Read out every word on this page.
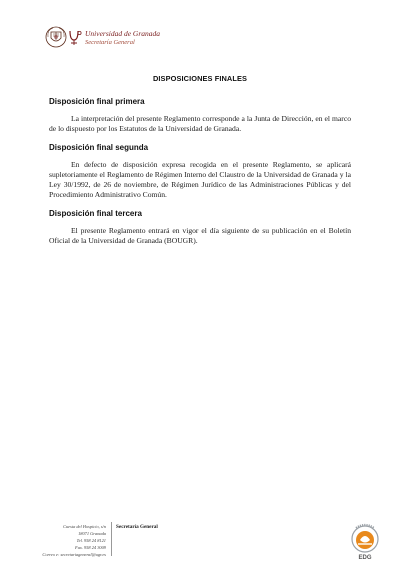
Universidad de Granada
Secretaría General
DISPOSICIONES FINALES
Disposición final primera

La interpretación del presente Reglamento corresponde a la Junta de Dirección, en el marco de lo dispuesto por los Estatutos de la Universidad de Granada.

Disposición final segunda

En defecto de disposición expresa recogida en el presente Reglamento, se aplicará supletoriamente el Reglamento de Régimen Interno del Claustro de la Universidad de Granada y la Ley 30/1992, de 26 de noviembre, de Régimen Jurídico de las Administraciones Públicas y del Procedimiento Administrativo Común.

Disposición final tercera

El presente Reglamento entrará en vigor el día siguiente de su publicación en el Boletín Oficial de la Universidad de Granada (BOUGR).

Cuesta del Hospicio, s/n
18071 Granada
Tel. 958 24 8121
Fax. 958 24 3009
Correo e: secretariageneral@ugr.es
Secretaría General
EDG
